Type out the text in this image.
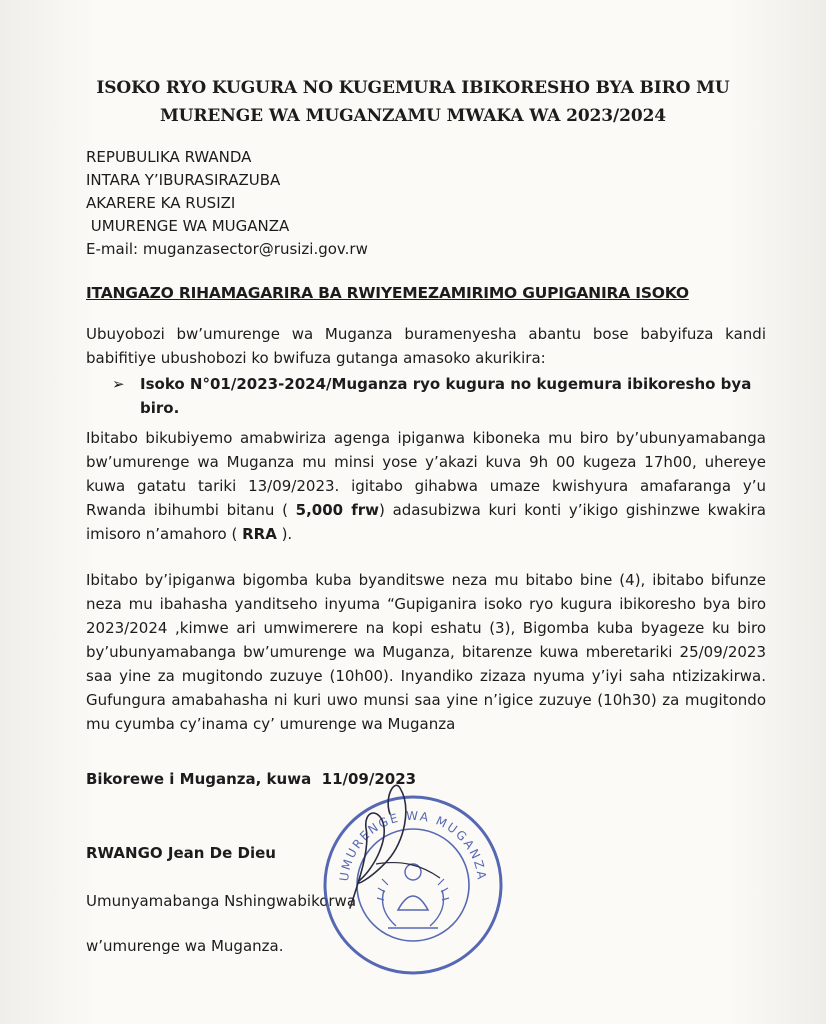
ISOKO RYO KUGURA NO KUGEMURA IBIKORESHO BYA BIRO MU
MURENGE WA MUGANZAMU MWAKA WA 2023/2024
REPUBULIKA RWANDA
INTARA Y’IBURASIRAZUBA
AKARERE KA RUSIZI
UMURENGE WA MUGANZA
E-mail: muganzasector@rusizi.gov.rw
ITANGAZO RIHAMAGARIRA BA RWIYEMEZAMIRIMO GUPIGANIRA ISOKO
Ubuyobozi bw’umurenge wa Muganza buramenyesha abantu bose babyifuza kandi babifitiye ubushobozi ko bwifuza gutanga amasoko akurikira:
➢	Isoko N°01/2023-2024/Muganza ryo kugura no kugemura ibikoresho bya biro.
Ibitabo bikubiyemo amabwiriza agenga ipiganwa kiboneka mu biro by’ubunyamabanga bw’umurenge wa Muganza mu minsi yose y’akazi kuva 9h 00 kugeza 17h00, uhereye kuwa gatatu tariki 13/09/2023. igitabo gihabwa umaze kwishyura amafaranga y’u Rwanda ibihumbi bitanu ( 5,000 frw) adasubizwa kuri konti y’ikigo gishinzwe kwakira imisoro n’amahoro ( RRA ).
Ibitabo by’ipiganwa bigomba kuba byanditswe neza mu bitabo bine (4), ibitabo bifunze neza mu ibahasha yanditseho inyuma “Gupiganira isoko ryo kugura ibikoresho bya biro 2023/2024 ,kimwe ari umwimerere na kopi eshatu (3), Bigomba kuba byageze ku biro by’ubunyamabanga bw’umurenge wa Muganza, bitarenze kuwa mberetariki 25/09/2023 saa yine za mugitondo zuzuye (10h00). Inyandiko zizaza nyuma y’iyi saha ntizizakirwa. Gufungura amabahasha ni kuri uwo munsi saa yine n’igice zuzuye (10h30) za mugitondo mu cyumba cy’inama cy’ umurenge wa Muganza
Bikorewe i Muganza, kuwa  11/09/2023
RWANGO Jean De Dieu
Umunyamabanga Nshingwabikorwa
w’umurenge wa Muganza.
UMURENGE WA MUGANZA
